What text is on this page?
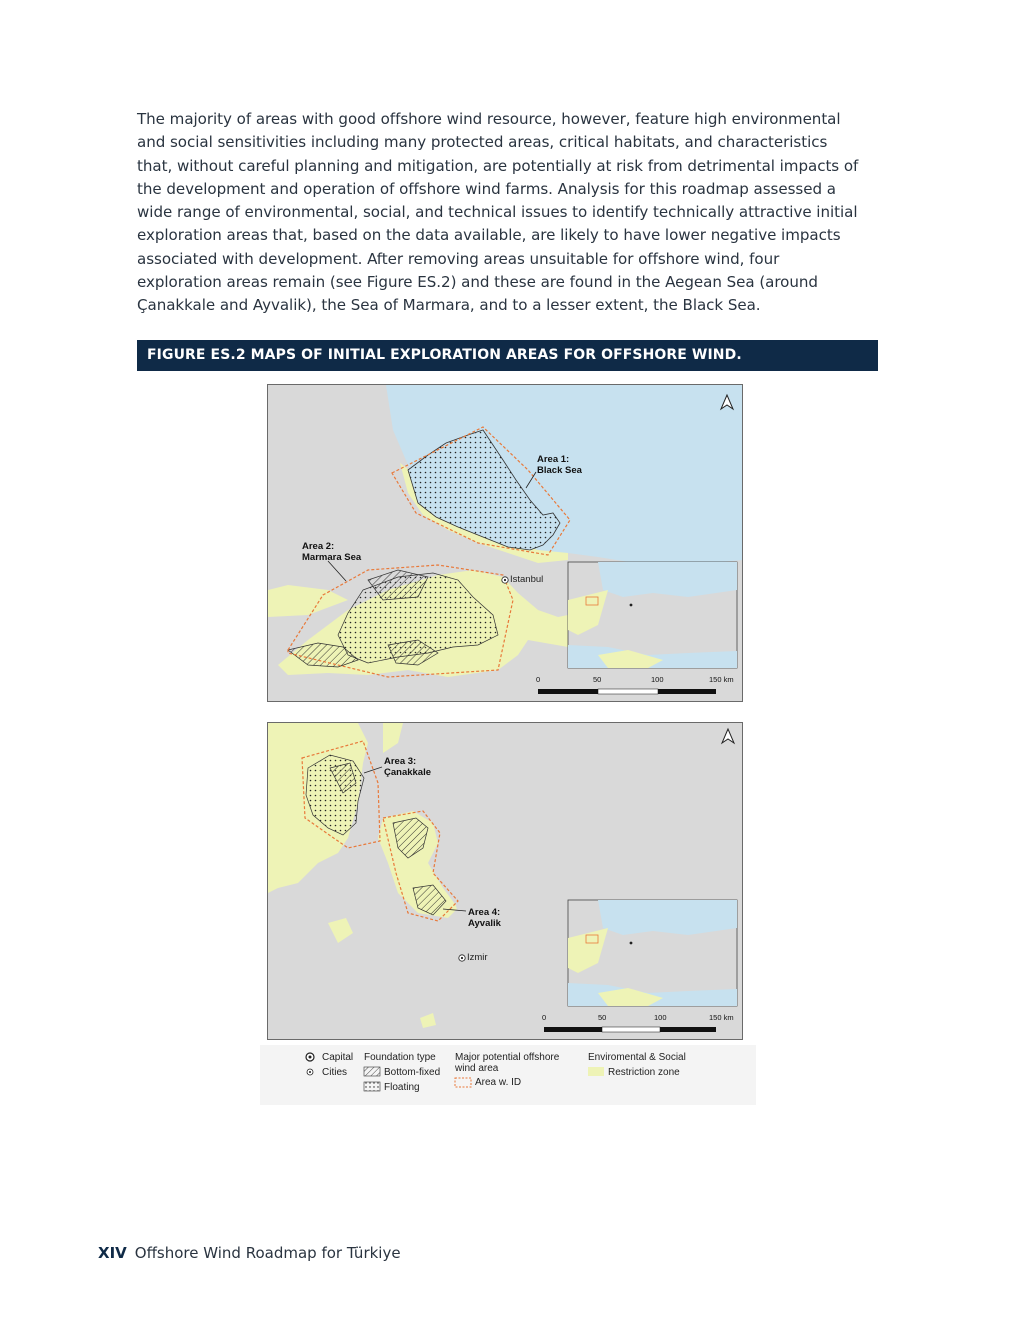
The majority of areas with good offshore wind resource, however, feature high environmental and social sensitivities including many protected areas, critical habitats, and characteristics that, without careful planning and mitigation, are potentially at risk from detrimental impacts of the development and operation of offshore wind farms. Analysis for this roadmap assessed a wide range of environmental, social, and technical issues to identify technically attractive initial exploration areas that, based on the data available, are likely to have lower negative impacts associated with development. After removing areas unsuitable for offshore wind, four exploration areas remain (see Figure ES.2) and these are found in the Aegean Sea (around Çanakkale and Ayvalik), the Sea of Marmara, and to a lesser extent, the Black Sea.

FIGURE ES.2 MAPS OF INITIAL EXPLORATION AREAS FOR OFFSHORE WIND.
Area 1:
Black Sea
Area 2:
Marmara Sea
Istanbul
0	50	100	150 km
Area 3:
Çanakkale
Area 4:
Ayvalik
Izmir
0	50	100	150 km
Capital
Cities
Foundation type
Bottom-fixed
Floating
Major potential offshore
wind area
Area w. ID
Enviromental & Social
Restriction zone
XIV Offshore Wind Roadmap for Türkiye
